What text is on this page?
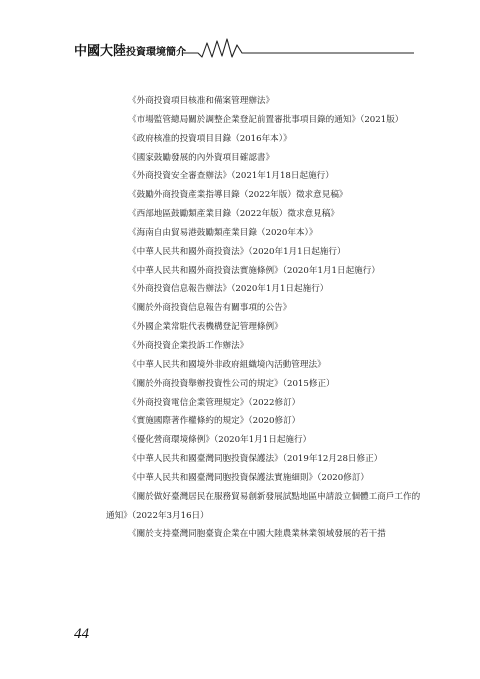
中國大陸投資環境簡介

《外商投資項目核准和備案管理辦法》

《市場監管總局關於調整企業登記前置審批事項目錄的通知》（2021版）

《政府核准的投資項目目錄（2016年本）》

《國家鼓勵發展的內外資項目確認書》

《外商投資安全審查辦法》（2021年1月18日起施行）

《鼓勵外商投資產業指導目錄（2022年版）徵求意見稿》

《西部地區鼓勵類產業目錄（2022年版）徵求意見稿》

《海南自由貿易港鼓勵類產業目錄（2020年本）》

《中華人民共和國外商投資法》（2020年1月1日起施行）

《中華人民共和國外商投資法實施條例》（2020年1月1日起施行）

《外商投資信息報告辦法》（2020年1月1日起施行）

《關於外商投資信息報告有關事項的公告》

《外國企業常駐代表機構登記管理條例》

《外商投資企業投訴工作辦法》

《中華人民共和國境外非政府組織境內活動管理法》

《關於外商投資舉辦投資性公司的規定》（2015修正）

《外商投資電信企業管理規定》（2022修訂）

《實施國際著作權條約的規定》（2020修訂）

《優化營商環境條例》（2020年1月1日起施行）

《中華人民共和國臺灣同胞投資保護法》（2019年12月28日修正）

《中華人民共和國臺灣同胞投資保護法實施細則》（2020修訂）

《關於做好臺灣居民在服務貿易創新發展試點地區申請設立個體工商戶工作的通知》（2022年3月16日）

《關於支持臺灣同胞臺資企業在中國大陸農業林業領域發展的若干措

44
